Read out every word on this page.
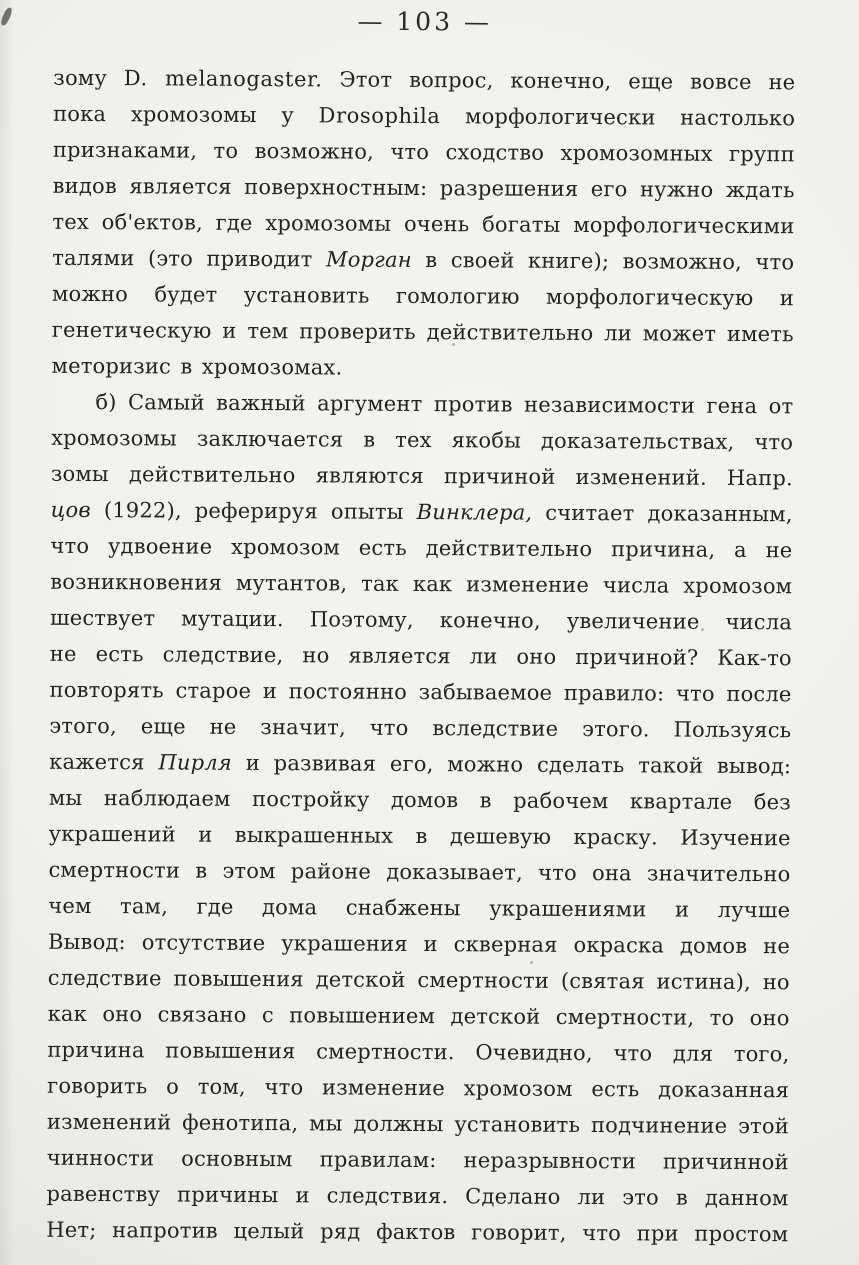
— 103 —
зому D. melanogaster. Этот вопрос, конечно, еще вовсе не
пока хромозомы у Drosophila морфологически настолько
признаками, то возможно, что сходство хромозомных групп
видов является поверхностным: разрешения его нужно ждать
тех об'ектов, где хромозомы очень богаты морфологическими
талями (это приводит Морган в своей книге); возможно, что
можно будет установить гомологию морфологическую и
генетическую и тем проверить действительно ли может иметь
меторизис в хромозомах.
б) Самый важный аргумент против независимости гена от
хромозомы заключается в тех якобы доказательствах, что
зомы действительно являются причиной изменений. Напр.
цов (1922), реферируя опыты Винклера, считает доказанным,
что удвоение хромозом есть действительно причина, а не
возникновения мутантов, так как изменение числа хромозом
шествует мутации. Поэтому, конечно, увеличение числа
не есть следствие, но является ли оно причиной? Как-то
повторять старое и постоянно забываемое правило: что после
этого, еще не значит, что вследствие этого. Пользуясь
кажется Пирля и развивая его, можно сделать такой вывод:
мы наблюдаем постройку домов в рабочем квартале без
украшений и выкрашенных в дешевую краску. Изучение
смертности в этом районе доказывает, что она значительно
чем там, где дома снабжены украшениями и лучше
Вывод: отсутствие украшения и скверная окраска домов не
следствие повышения детской смертности (святая истина), но
как оно связано с повышением детской смертности, то оно
причина повышения смертности. Очевидно, что для того,
говорить о том, что изменение хромозом есть доказанная
изменений фенотипа, мы должны установить подчинение этой
чинности основным правилам: неразрывности причинной
равенству причины и следствия. Сделано ли это в данном
Нет; напротив целый ряд фактов говорит, что при простом
